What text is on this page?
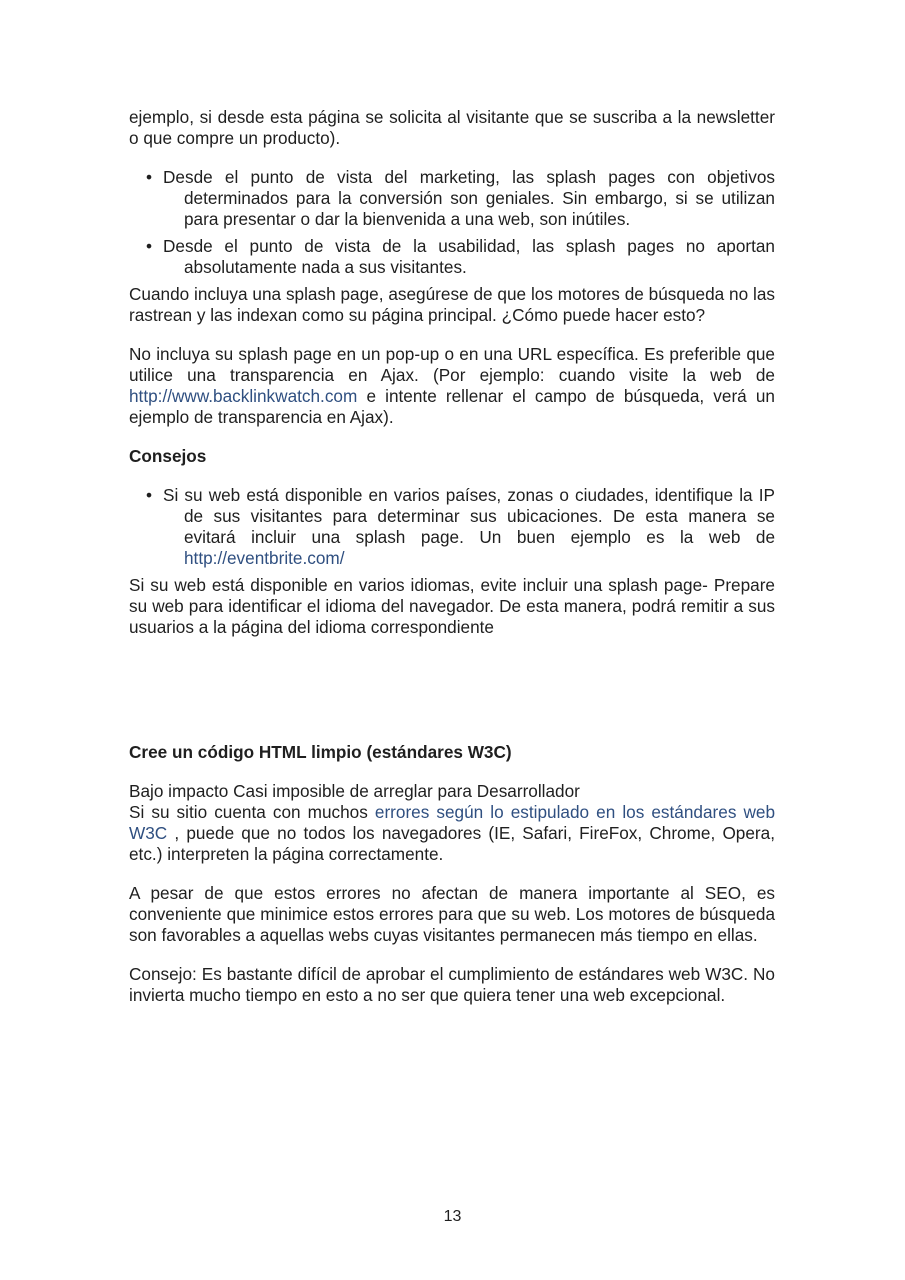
ejemplo, si desde esta página se solicita al visitante que se suscriba a la newsletter o que compre un producto).

• Desde el punto de vista del marketing, las splash pages con objetivos determinados para la conversión son geniales. Sin embargo, si se utilizan para presentar o dar la bienvenida a una web, son inútiles.
• Desde el punto de vista de la usabilidad, las splash pages no aportan absolutamente nada a sus visitantes.

Cuando incluya una splash page, asegúrese de que los motores de búsqueda no las rastrean y las indexan como su página principal. ¿Cómo puede hacer esto?

No incluya su splash page en un pop-up o en una URL específica. Es preferible que utilice una transparencia en Ajax. (Por ejemplo: cuando visite la web de http://www.backlinkwatch.com e intente rellenar el campo de búsqueda, verá un ejemplo de transparencia en Ajax).

Consejos

• Si su web está disponible en varios países, zonas o ciudades, identifique la IP de sus visitantes para determinar sus ubicaciones. De esta manera se evitará incluir una splash page. Un buen ejemplo es la web de http://eventbrite.com/

Si su web está disponible en varios idiomas, evite incluir una splash page- Prepare su web para identificar el idioma del navegador. De esta manera, podrá remitir a sus usuarios a la página del idioma correspondiente

Cree un código HTML limpio (estándares W3C)

Bajo impacto Casi imposible de arreglar para Desarrollador

Si su sitio cuenta con muchos errores según lo estipulado en los estándares web W3C , puede que no todos los navegadores (IE, Safari, FireFox, Chrome, Opera, etc.) interpreten la página correctamente.

A pesar de que estos errores no afectan de manera importante al SEO, es conveniente que minimice estos errores para que su web. Los motores de búsqueda son favorables a aquellas webs cuyas visitantes permanecen más tiempo en ellas.

Consejo: Es bastante difícil de aprobar el cumplimiento de estándares web W3C. No invierta mucho tiempo en esto a no ser que quiera tener una web excepcional.

13
